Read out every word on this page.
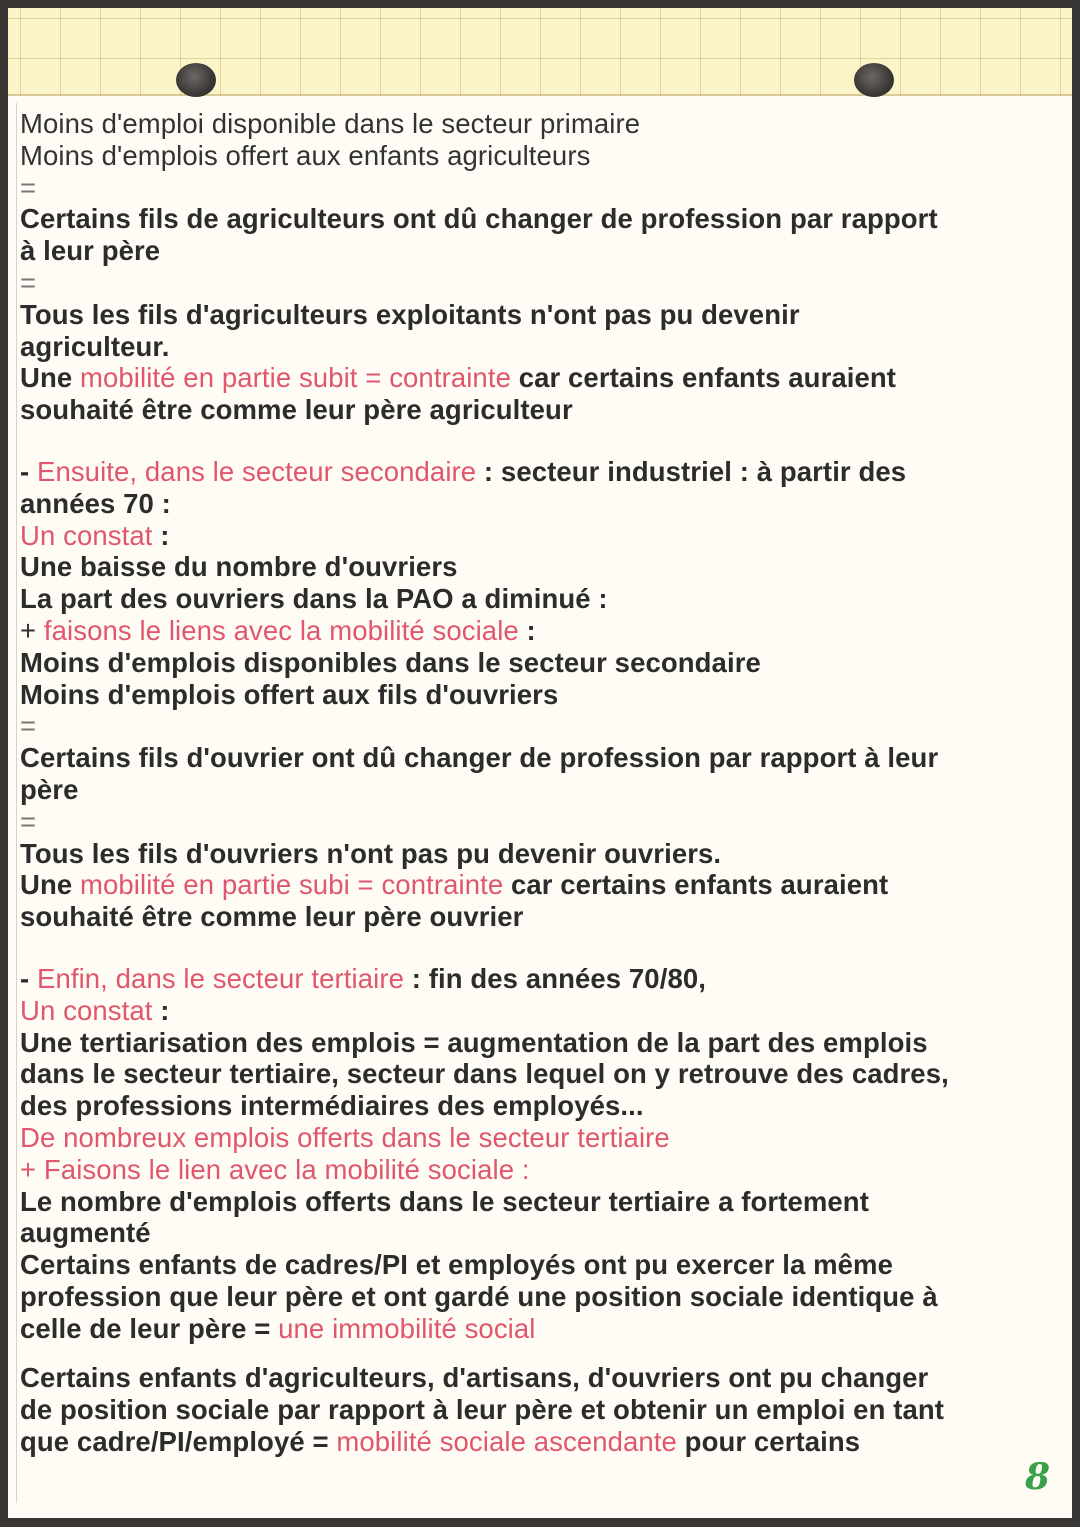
Moins d'emploi disponible dans le secteur primaire
Moins d'emplois offert aux enfants agriculteurs
=
Certains fils de agriculteurs ont dû changer de profession par rapport
à leur père
=
Tous les fils d'agriculteurs exploitants n'ont pas pu devenir
agriculteur.
Une mobilité en partie subit = contrainte car certains enfants auraient
souhaité être comme leur père agriculteur
- Ensuite, dans le secteur secondaire : secteur industriel : à partir des
années 70 :
Un constat :
Une baisse du nombre d'ouvriers
La part des ouvriers dans la PAO a diminué :
+ faisons le liens avec la mobilité sociale :
Moins d'emplois disponibles dans le secteur secondaire
Moins d'emplois offert aux fils d'ouvriers
=
Certains fils d'ouvrier ont dû changer de profession par rapport à leur
père
=
Tous les fils d'ouvriers n'ont pas pu devenir ouvriers.
Une mobilité en partie subi = contrainte car certains enfants auraient
souhaité être comme leur père ouvrier
- Enfin, dans le secteur tertiaire : fin des années 70/80,
Un constat :
Une tertiarisation des emplois = augmentation de la part des emplois
dans le secteur tertiaire, secteur dans lequel on y retrouve des cadres,
des professions intermédiaires des employés...
De nombreux emplois offerts dans le secteur tertiaire
+ Faisons le lien avec la mobilité sociale :
Le nombre d'emplois offerts dans le secteur tertiaire a fortement
augmenté
Certains enfants de cadres/PI et employés ont pu exercer la même
profession que leur père et ont gardé une position sociale identique à
celle de leur père = une immobilité social
Certains enfants d'agriculteurs, d'artisans, d'ouvriers ont pu changer
de position sociale par rapport à leur père et obtenir un emploi en tant
que cadre/PI/employé = mobilité sociale ascendante pour certains
8
